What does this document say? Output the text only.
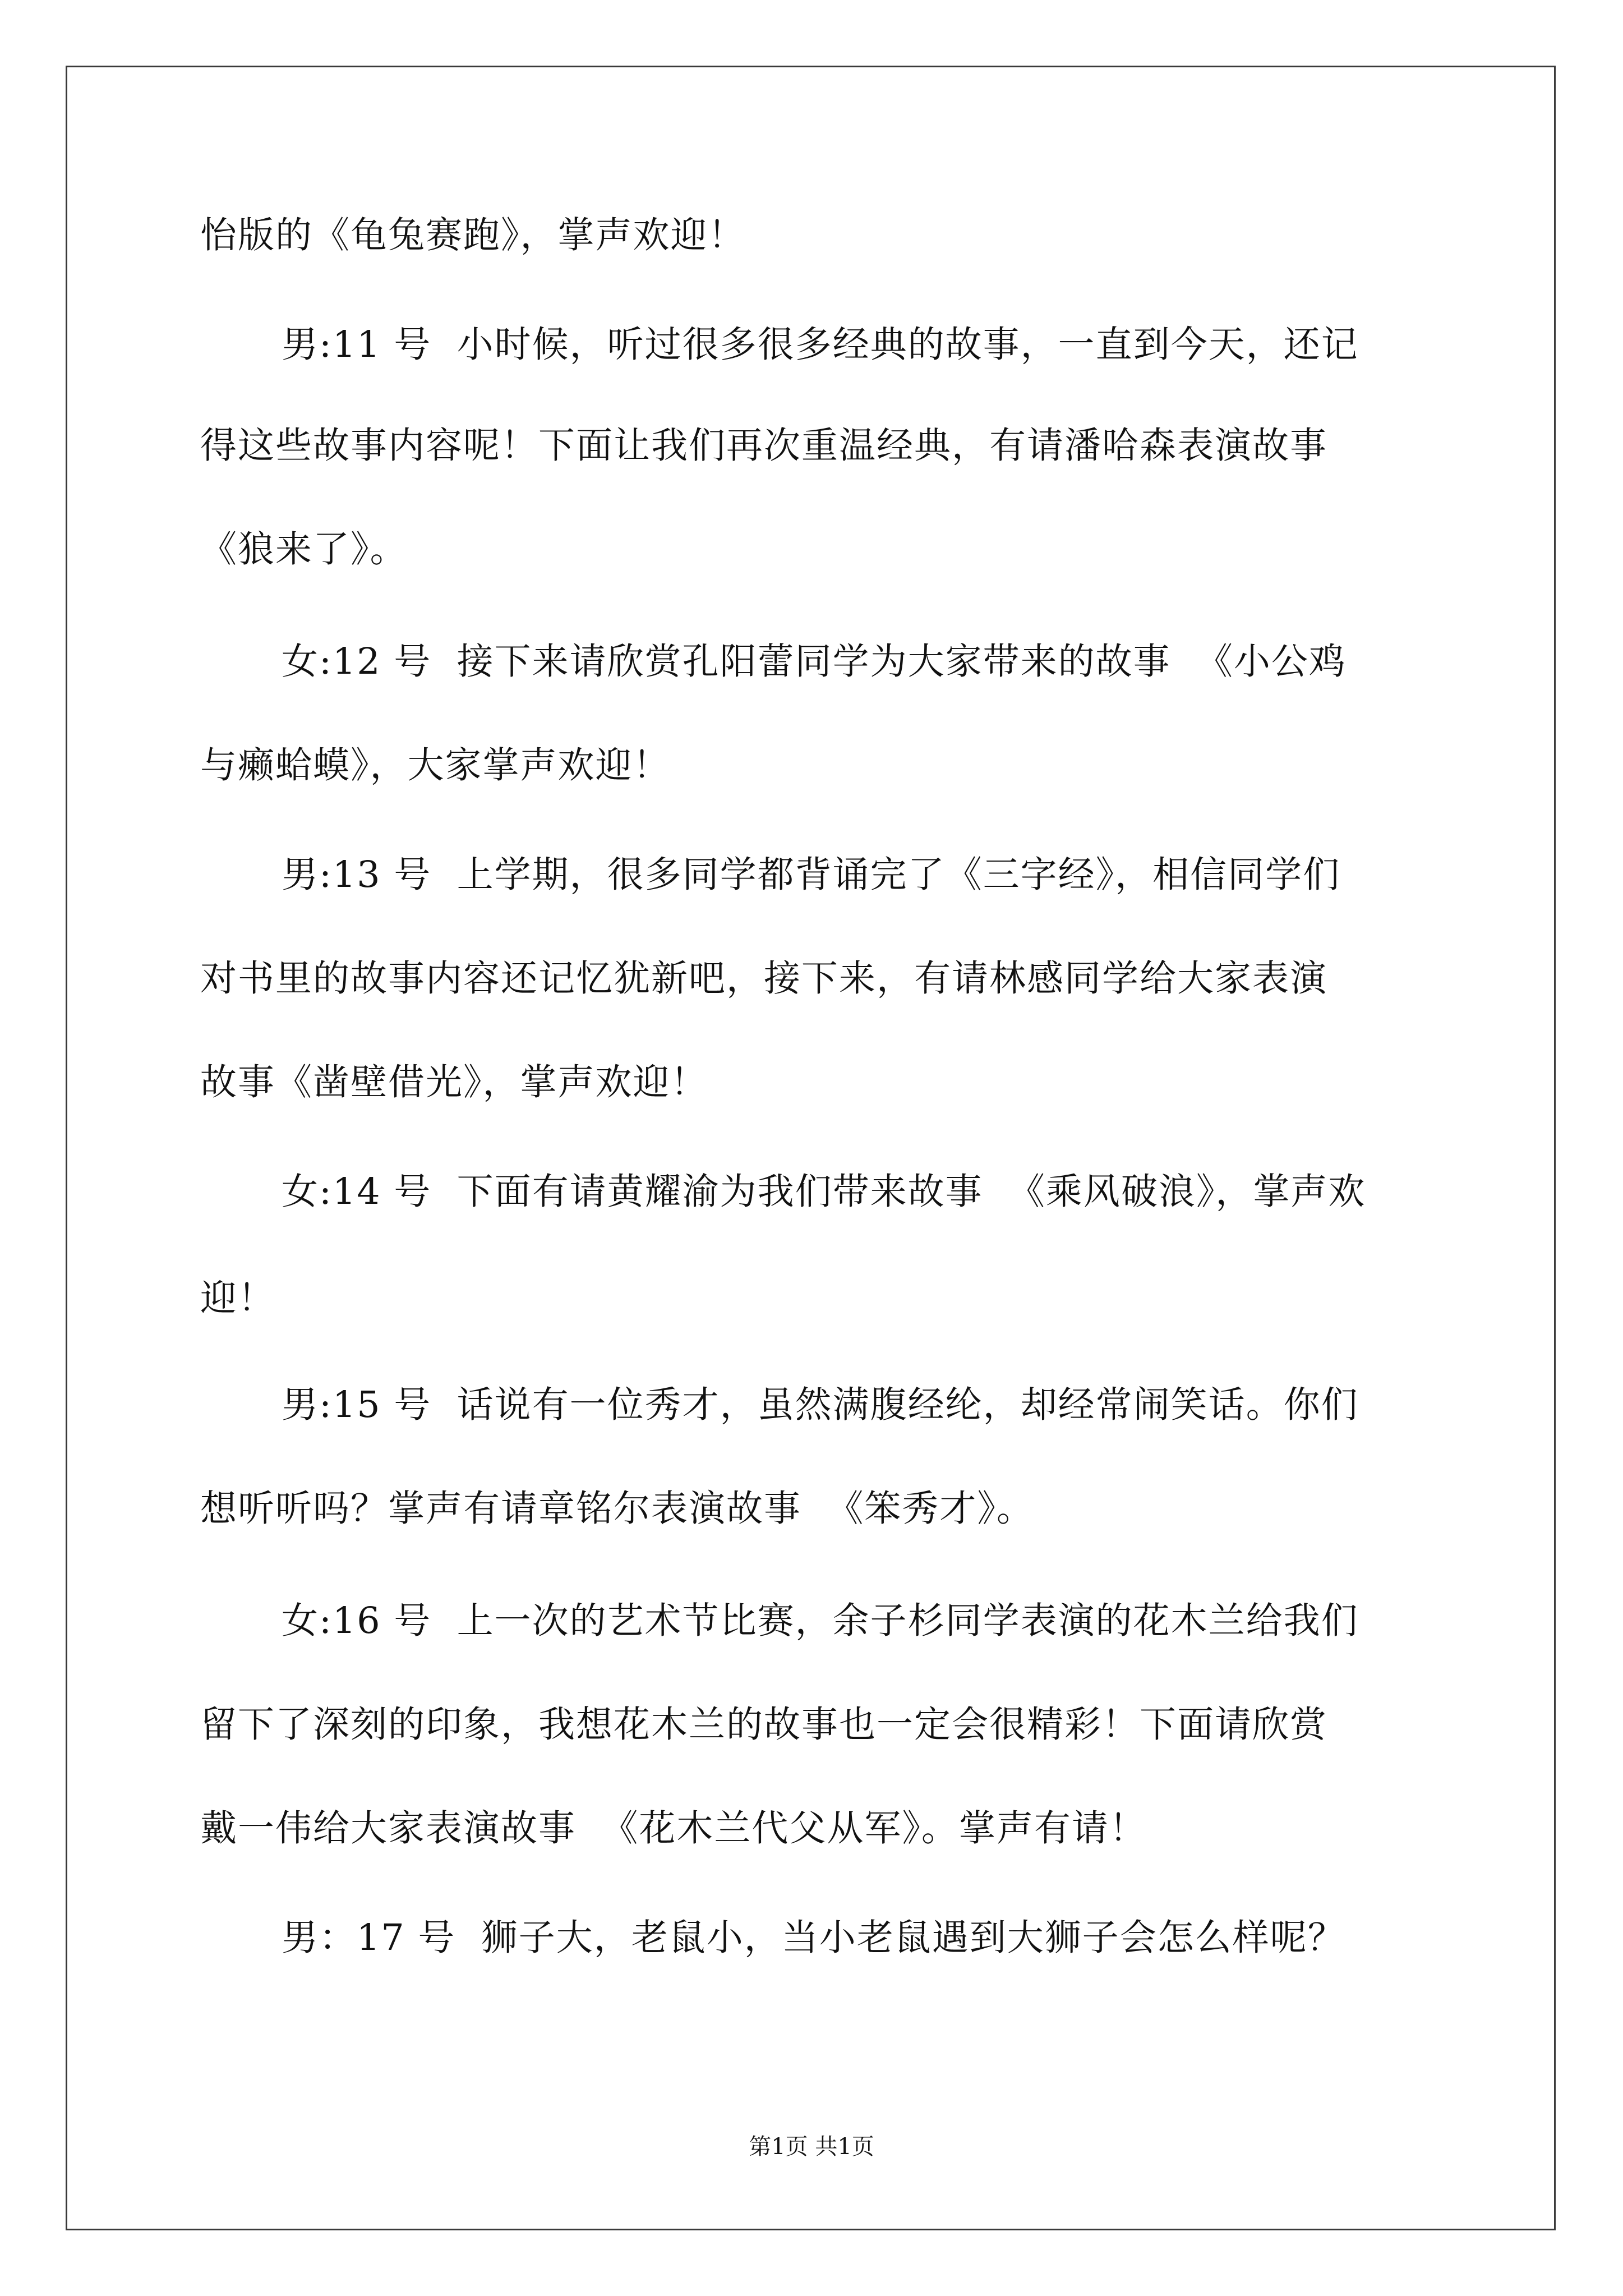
怡版的《龟兔赛跑》，掌声欢迎！
男:11 号  小时候，听过很多很多经典的故事，一直到今天，还记
得这些故事内容呢！下面让我们再次重温经典，有请潘哈森表演故事
《狼来了》。
女:12 号  接下来请欣赏孔阳蕾同学为大家带来的故事  《小公鸡
与癞蛤蟆》，大家掌声欢迎！
男:13 号  上学期，很多同学都背诵完了《三字经》，相信同学们
对书里的故事内容还记忆犹新吧，接下来，有请林感同学给大家表演
故事《凿壁借光》，掌声欢迎！
女:14 号  下面有请黄耀渝为我们带来故事  《乘风破浪》，掌声欢
迎！
男:15 号  话说有一位秀才，虽然满腹经纶，却经常闹笑话。你们
想听听吗？掌声有请章铭尔表演故事  《笨秀才》。
女:16 号  上一次的艺术节比赛，余子杉同学表演的花木兰给我们
留下了深刻的印象，我想花木兰的故事也一定会很精彩！下面请欣赏
戴一伟给大家表演故事  《花木兰代父从军》。掌声有请！
男：17 号  狮子大，老鼠小，当小老鼠遇到大狮子会怎么样呢？
第1页 共1页
